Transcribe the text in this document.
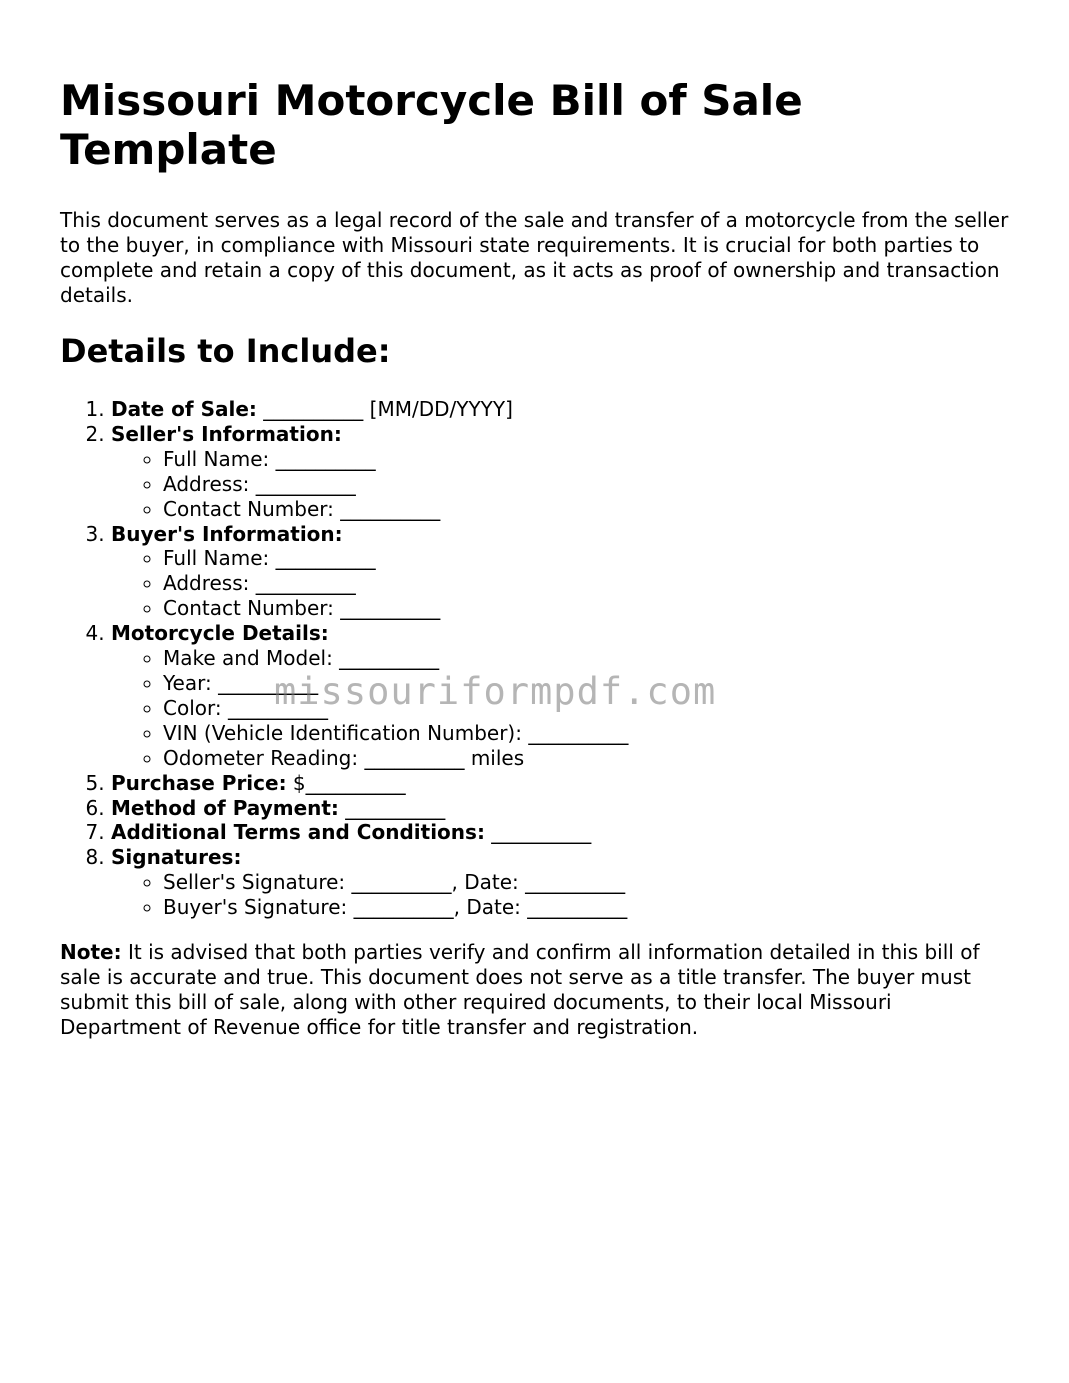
Missouri Motorcycle Bill of Sale Template

This document serves as a legal record of the sale and transfer of a motorcycle from the seller to the buyer, in compliance with Missouri state requirements. It is crucial for both parties to complete and retain a copy of this document, as it acts as proof of ownership and transaction details.

Details to Include:
1. Date of Sale: __________ [MM/DD/YYYY]
2. Seller's Information:
◦ Full Name: __________
◦ Address: __________
◦ Contact Number: __________
3. Buyer's Information:
◦ Full Name: __________
◦ Address: __________
◦ Contact Number: __________
4. Motorcycle Details:
◦ Make and Model: __________
◦ Year: __________
◦ Color: __________
◦ VIN (Vehicle Identification Number): __________
◦ Odometer Reading: __________ miles
5. Purchase Price: $__________
6. Method of Payment: __________
7. Additional Terms and Conditions: __________
8. Signatures:
◦ Seller's Signature: __________, Date: __________
◦ Buyer's Signature: __________, Date: __________

Note: It is advised that both parties verify and confirm all information detailed in this bill of sale is accurate and true. This document does not serve as a title transfer. The buyer must submit this bill of sale, along with other required documents, to their local Missouri Department of Revenue office for title transfer and registration.

missouriformpdf.com
